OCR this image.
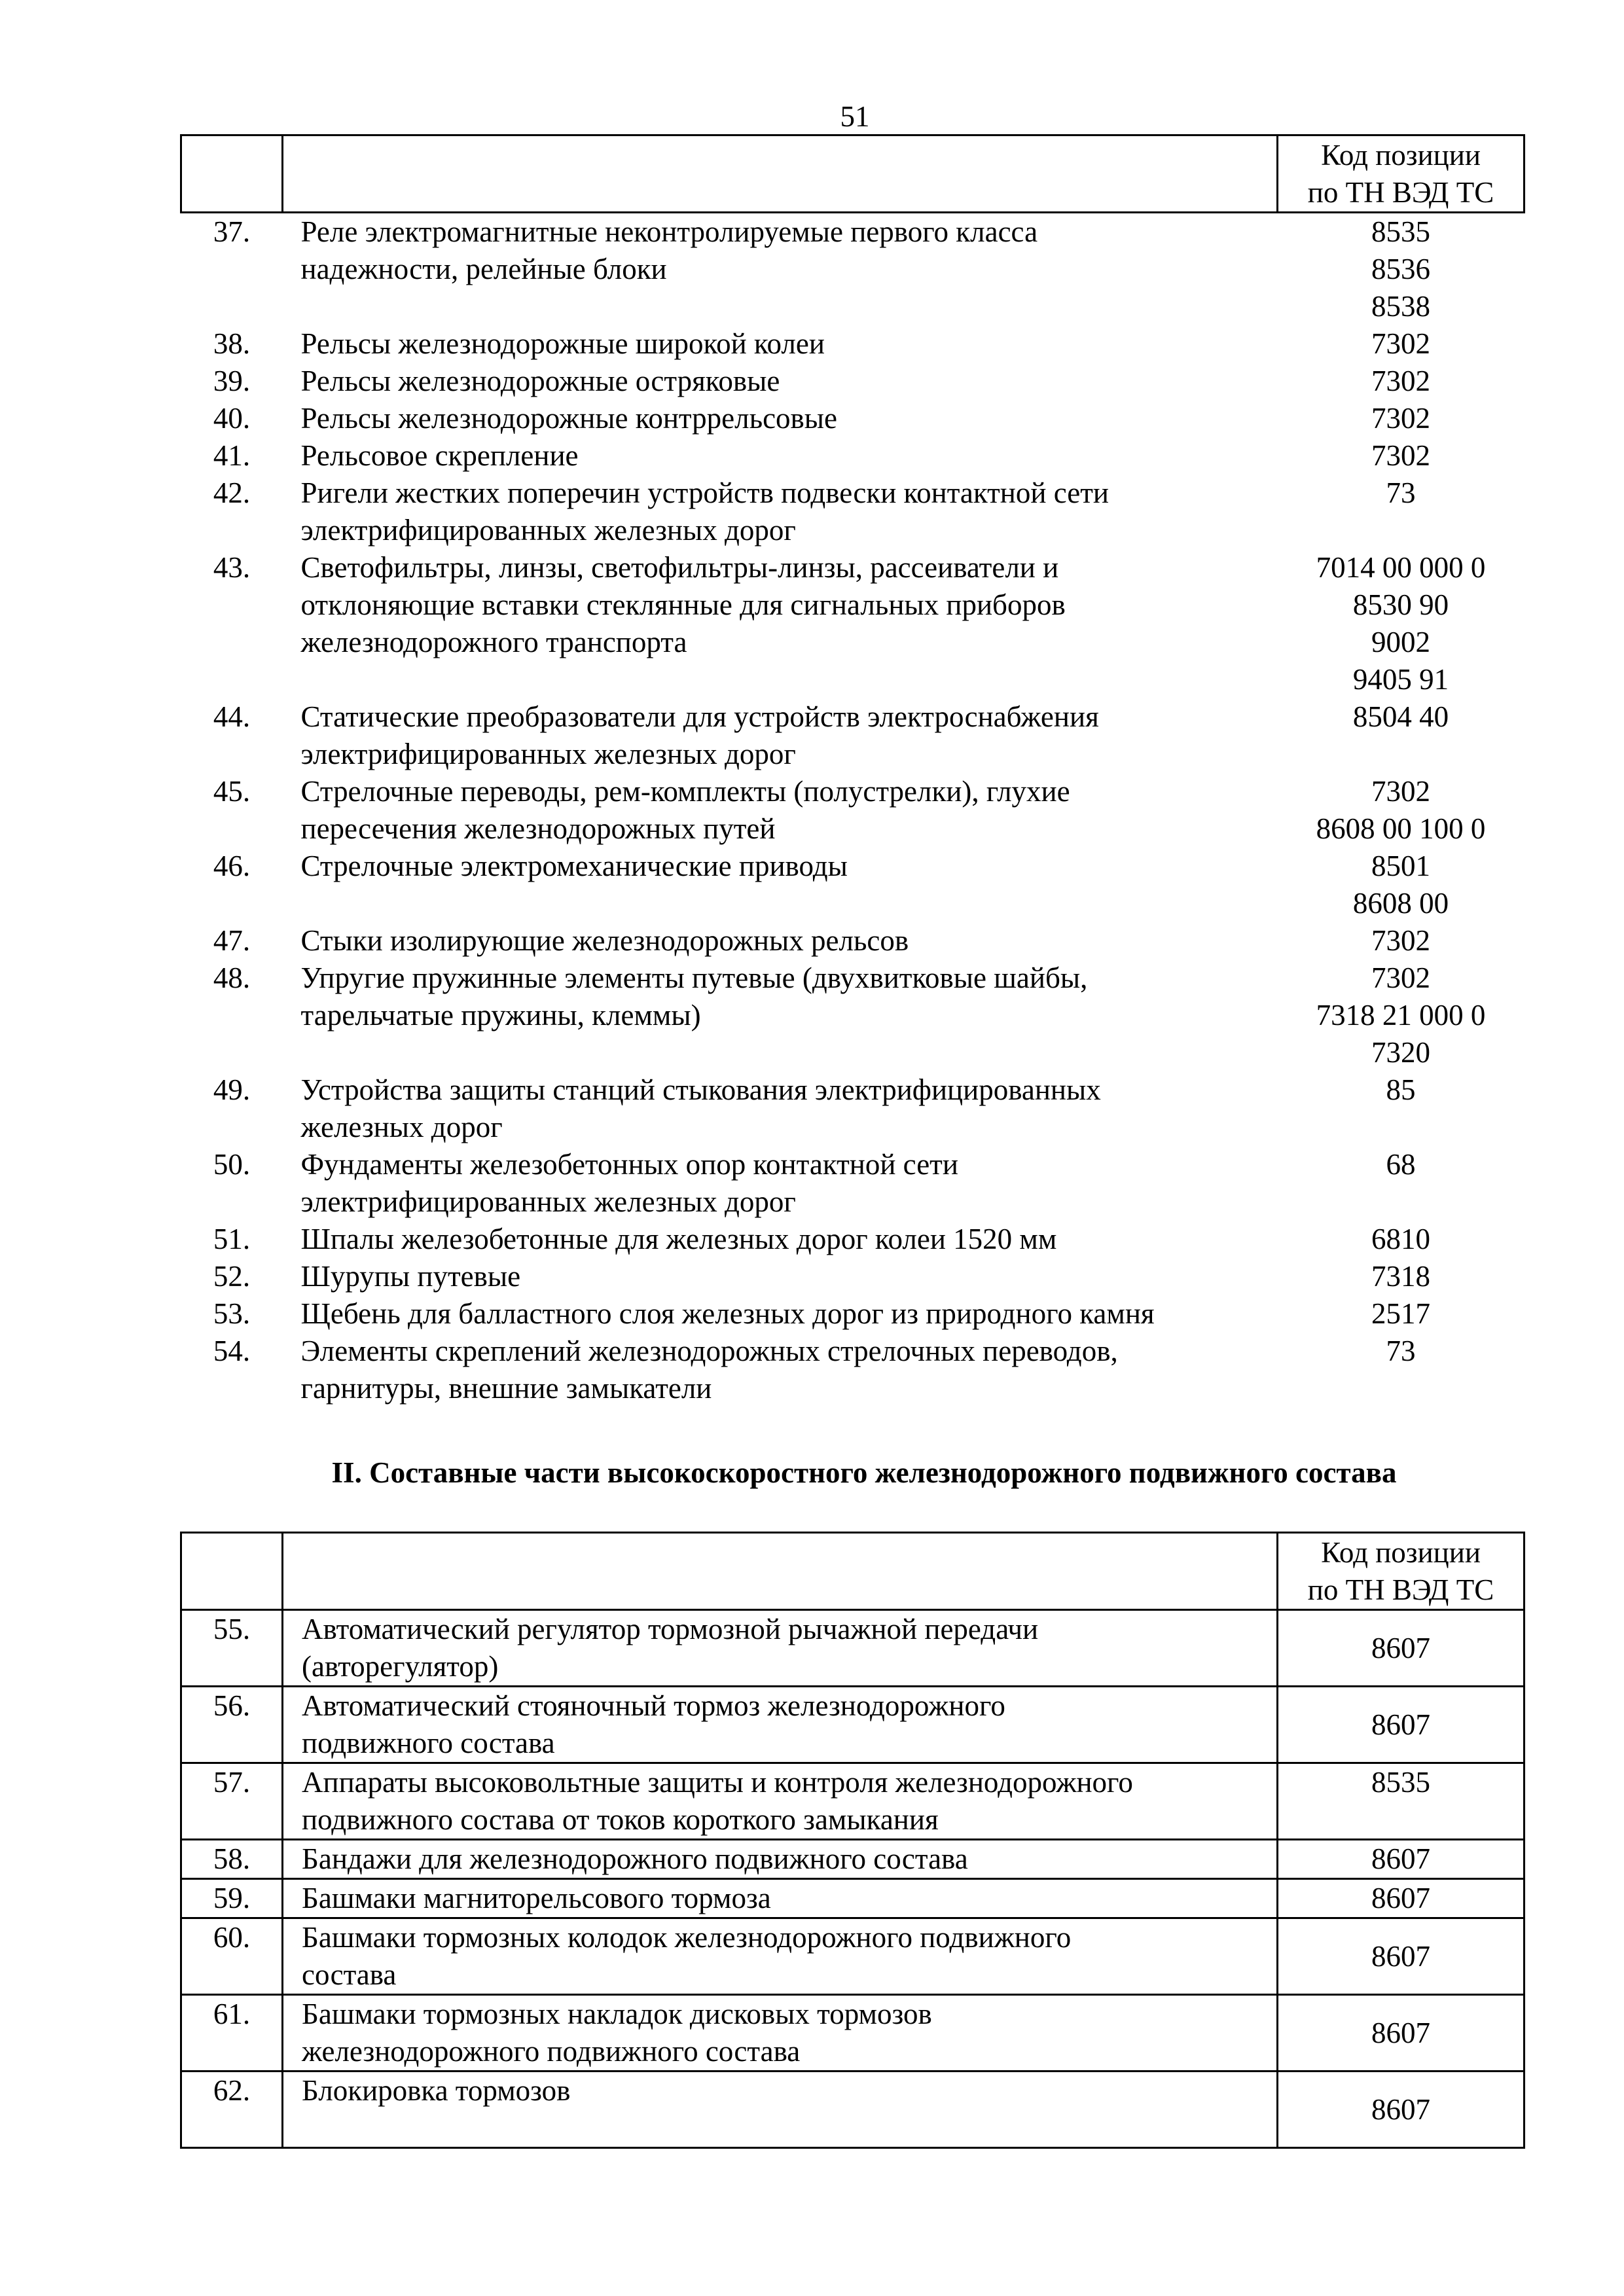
51

		Код позиции
по ТН ВЭД ТС

37.	Реле электромагнитные неконтролируемые первого класса
надежности, релейные блоки	8535
8536
8538

38.	Рельсы железнодорожные широкой колеи	7302

39.	Рельсы железнодорожные остряковые	7302

40.	Рельсы железнодорожные контррельсовые	7302

41.	Рельсовое скрепление	7302

42.	Ригели жестких поперечин устройств подвески контактной сети
электрифицированных железных дорог	73

43.	Светофильтры, линзы, светофильтры-линзы, рассеиватели и
отклоняющие вставки стеклянные для сигнальных приборов
железнодорожного транспорта	7014 00 000 0
8530 90
9002
9405 91

44.	Статические преобразователи для устройств электроснабжения
электрифицированных железных дорог	8504 40

45.	Стрелочные переводы, рем-комплекты (полустрелки), глухие
пересечения железнодорожных путей	7302
8608 00 100 0

46.	Стрелочные электромеханические приводы	8501
8608 00

47.	Стыки изолирующие железнодорожных рельсов	7302

48.	Упругие пружинные элементы путевые (двухвитковые шайбы,
тарельчатые пружины, клеммы)	7302
7318 21 000 0
7320

49.	Устройства защиты станций стыкования электрифицированных
железных дорог	85

50.	Фундаменты железобетонных опор контактной сети
электрифицированных железных дорог	68

51.	Шпалы железобетонные для железных дорог колеи 1520 мм	6810

52.	Шурупы путевые	7318

53.	Щебень для балластного слоя железных дорог из природного камня	2517

54.	Элементы скреплений железнодорожных стрелочных переводов,
гарнитуры, внешние замыкатели	73
II. Составные части высокоскоростного железнодорожного подвижного состава

		Код позиции
по ТН ВЭД ТС

55.	Автоматический регулятор тормозной рычажной передачи
(авторегулятор)	8607

56.	Автоматический стояночный тормоз железнодорожного
подвижного состава	8607

57.	Аппараты высоковольтные защиты и контроля железнодорожного
подвижного состава от токов короткого замыкания	8535

58.	Бандажи для железнодорожного подвижного состава	8607

59.	Башмаки магниторельсового тормоза	8607

60.	Башмаки тормозных колодок железнодорожного подвижного
состава	8607

61.	Башмаки тормозных накладок дисковых тормозов
железнодорожного подвижного состава	8607

62.	Блокировка тормозов	8607
